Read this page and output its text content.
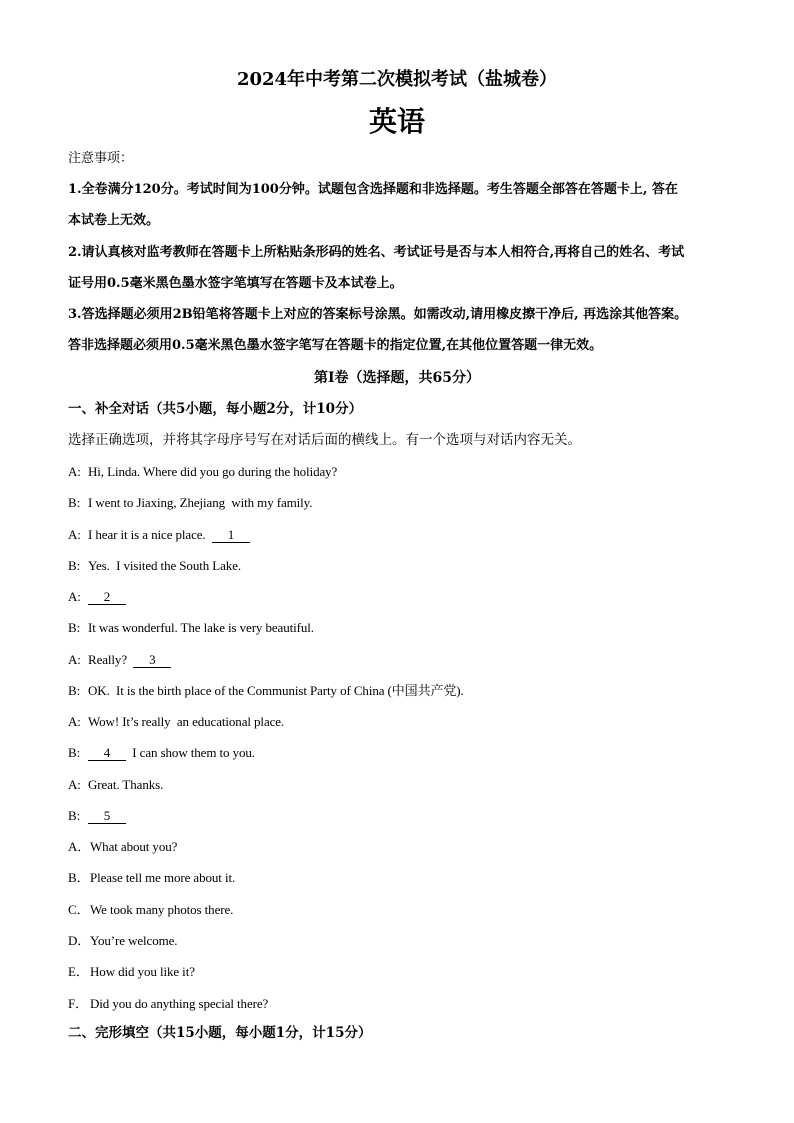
2024年中考第二次模拟考试（盐城卷）
英语
注意事项：
1.全卷满分120分。考试时间为100分钟。试题包含选择题和非选择题。考生答题全部答在答题卡上, 答在
本试卷上无效。
2.请认真核对监考教师在答题卡上所粘贴条形码的姓名、考试证号是否与本人相符合,再将自己的姓名、考试
证号用0.5毫米黑色墨水签字笔填写在答题卡及本试卷上。
3.答选择题必须用2B铅笔将答题卡上对应的答案标号涂黑。如需改动,请用橡皮擦干净后, 再选涂其他答案。
答非选择题必须用0.5毫米黑色墨水签字笔写在答题卡的指定位置,在其他位置答题一律无效。
第Ⅰ卷（选择题，共65分）
一、补全对话（共5小题，每小题2分，计10分）
选择正确选项，并将其字母序号写在对话后面的横线上。有一个选项与对话内容无关。
A: Hi, Linda. Where did you go during the holiday?
B: I went to Jiaxing, Zhejiang  with my family.
A: I hear it is a nice place.  1
B: Yes.  I visited the South Lake.
A: 2
B: It was wonderful. The lake is very beautiful.
A: Really?  3
B: OK.  It is the birth place of the Communist Party of China (中国共产党).
A: Wow! It’s really  an educational place.
B: 4  I can show them to you.
A: Great. Thanks.
B: 5
A．What about you?
B．Please tell me more about it.
C．We took many photos there.
D．You’re welcome.
E．How did you like it?
F． Did you do anything special there?
二、完形填空（共15小题，每小题1分，计15分）
